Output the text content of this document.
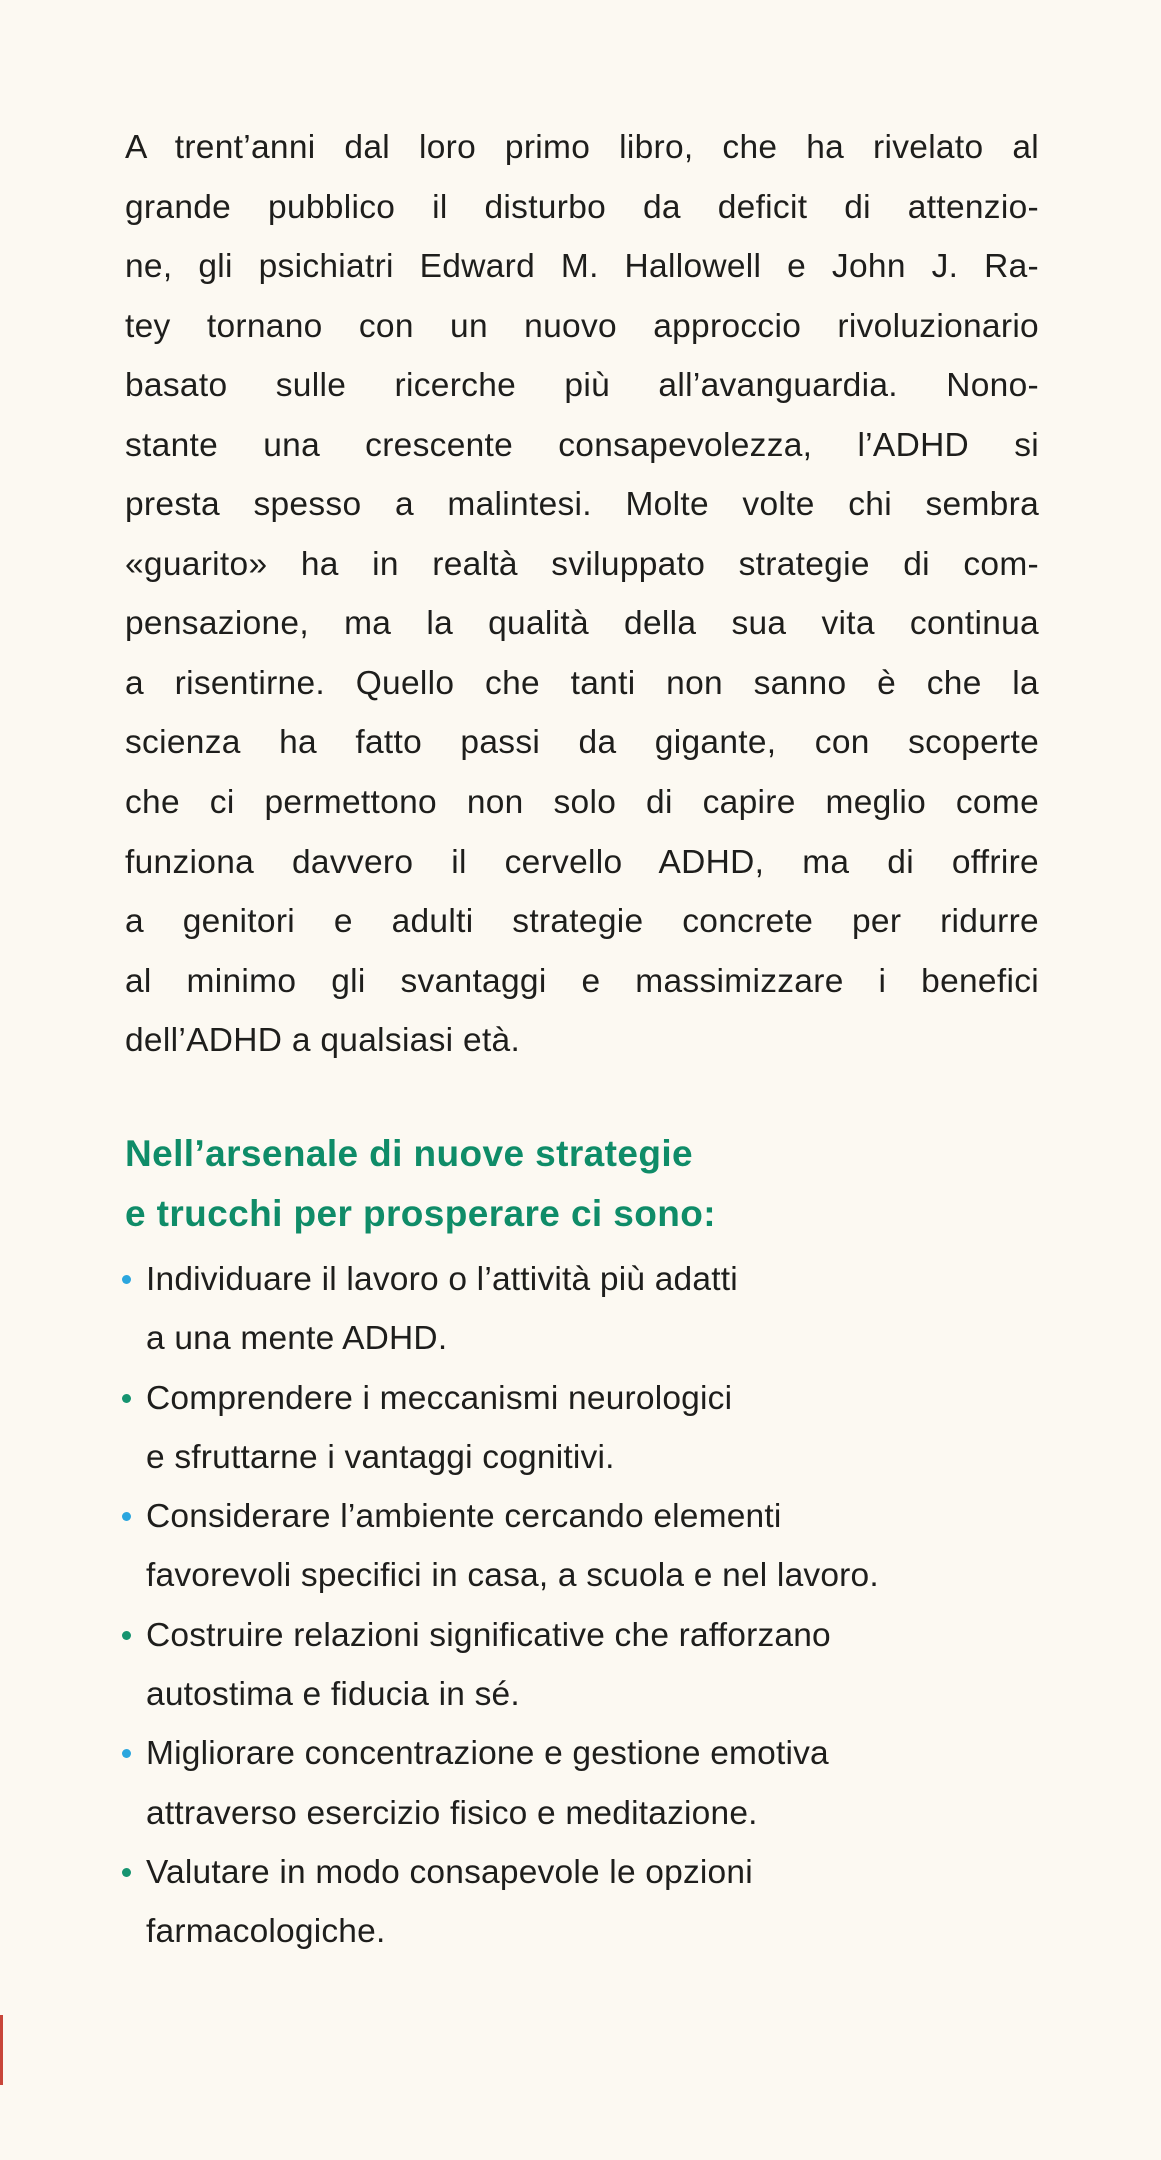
A trent’anni dal loro primo libro, che ha rivelato al
grande pubblico il disturbo da deficit di attenzio-
ne, gli psichiatri Edward M. Hallowell e John J. Ra-
tey tornano con un nuovo approccio rivoluzionario
basato sulle ricerche più all’avanguardia. Nono-
stante una crescente consapevolezza, l’ADHD si
presta spesso a malintesi. Molte volte chi sembra
«guarito» ha in realtà sviluppato strategie di com-
pensazione, ma la qualità della sua vita continua
a risentirne. Quello che tanti non sanno è che la
scienza ha fatto passi da gigante, con scoperte
che ci permettono non solo di capire meglio come
funziona davvero il cervello ADHD, ma di offrire
a genitori e adulti strategie concrete per ridurre
al minimo gli svantaggi e massimizzare i benefici
dell’ADHD a qualsiasi età.

Nell’arsenale di nuove strategie
e trucchi per prosperare ci sono:
Individuare il lavoro o l’attività più adatti
a una mente ADHD.
Comprendere i meccanismi neurologici
e sfruttarne i vantaggi cognitivi.
Considerare l’ambiente cercando elementi
favorevoli specifici in casa, a scuola e nel lavoro.
Costruire relazioni significative che rafforzano
autostima e fiducia in sé.
Migliorare concentrazione e gestione emotiva
attraverso esercizio fisico e meditazione.
Valutare in modo consapevole le opzioni
farmacologiche.
